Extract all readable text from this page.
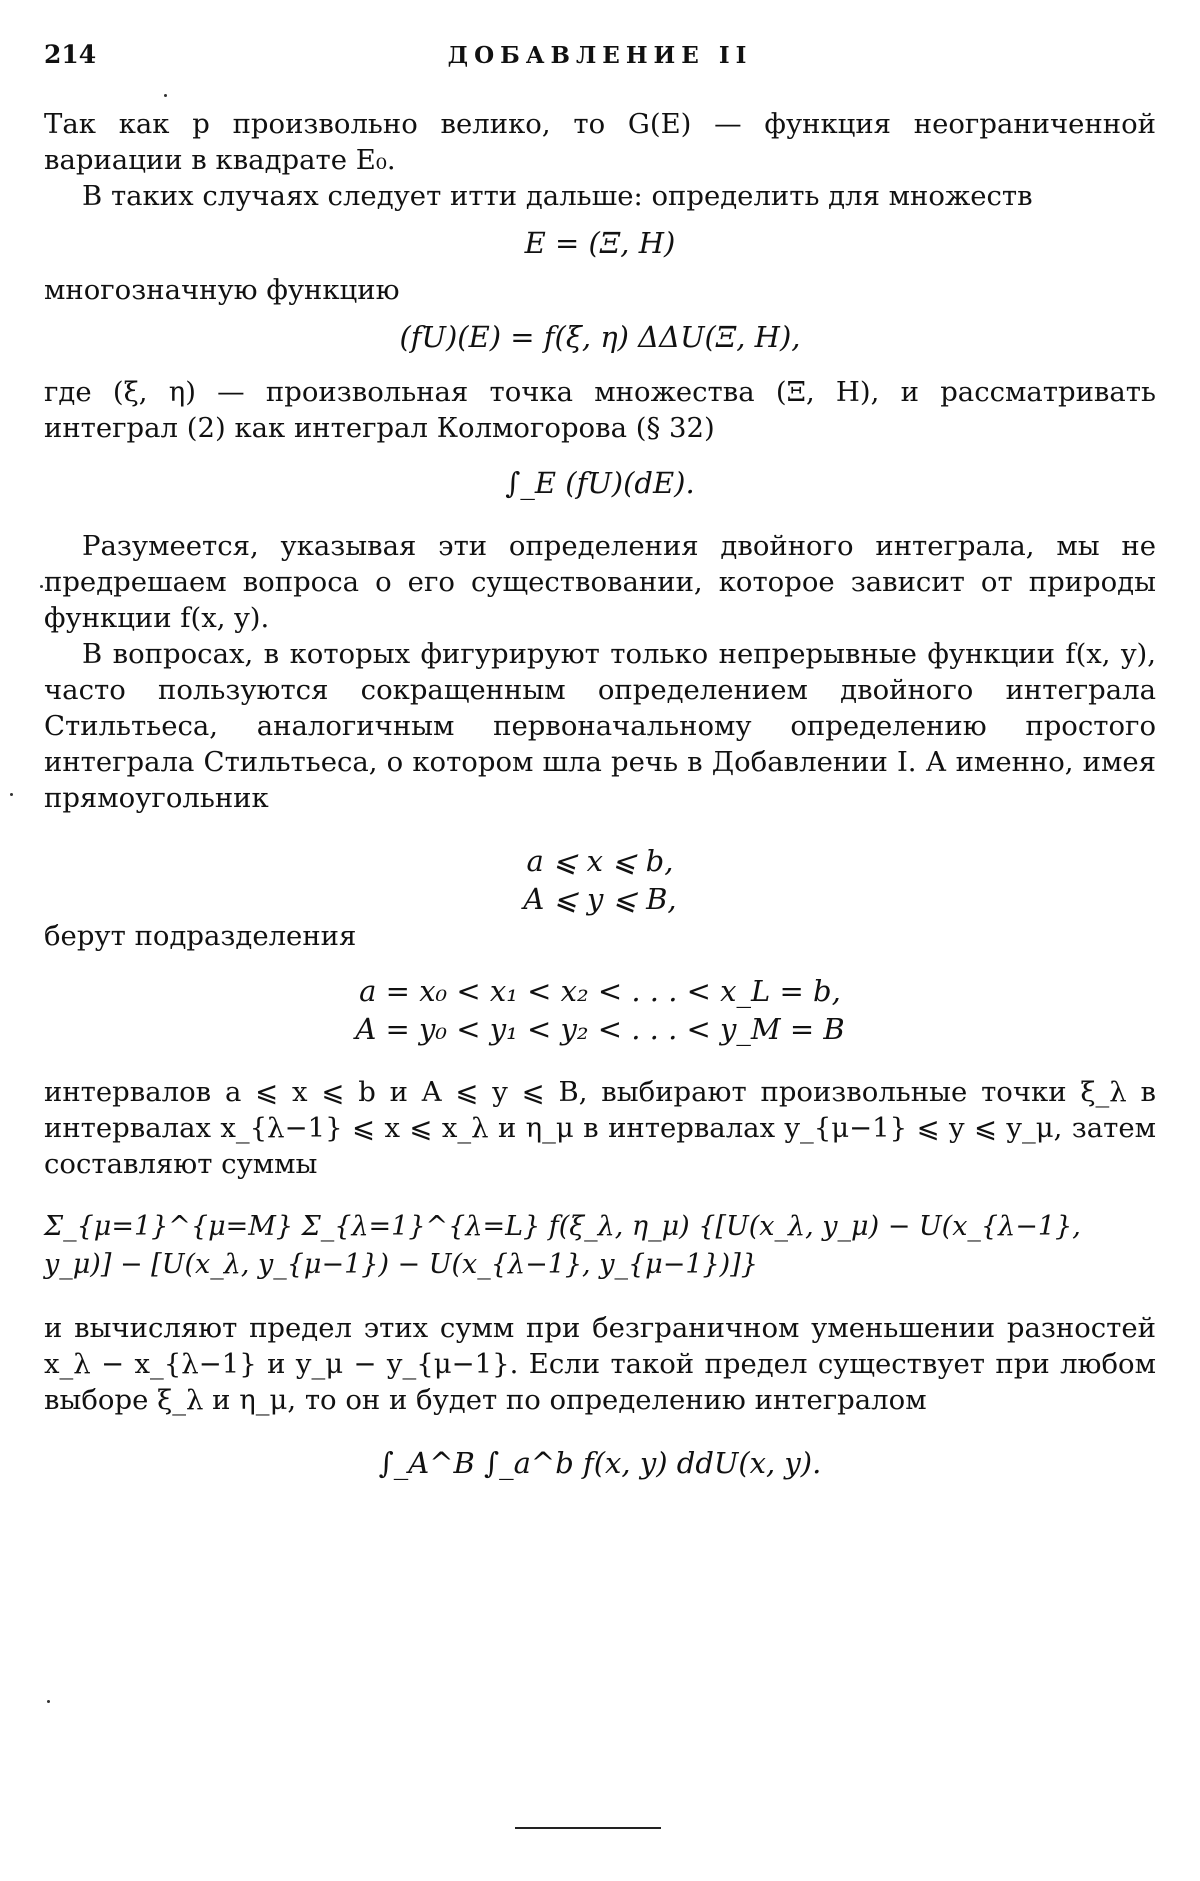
214	ДОБАВЛЕНИЕ II

Так как p произвольно велико, то G(E) — функция неограниченной вариации в квадрате E₀.

В таких случаях следует итти дальше: определить для множеств

E = (Ξ, Η)

многозначную функцию

(fU)(E) = f(ξ, η) ΔΔU(Ξ, Η),

где (ξ, η) — произвольная точка множества (Ξ, Η), и рассматривать интеграл (2) как интеграл Колмогорова (§ 32)

∫_E (fU)(dE).

Разумеется, указывая эти определения двойного интеграла, мы не предрешаем вопроса о его существовании, которое зависит от природы функции f(x, y).

В вопросах, в которых фигурируют только непрерывные функции f(x, y), часто пользуются сокращенным определением двойного интеграла Стильтьеса, аналогичным первоначальному определению простого интеграла Стильтьеса, о котором шла речь в Добавлении I. А именно, имея прямоугольник

a ⩽ x ⩽ b,
A ⩽ y ⩽ B,

берут подразделения

a = x₀ < x₁ < x₂ < . . . < x_L = b,
A = y₀ < y₁ < y₂ < . . . < y_M = B

интервалов a ⩽ x ⩽ b и A ⩽ y ⩽ B, выбирают произвольные точки ξ_λ в интервалах x_{λ−1} ⩽ x ⩽ x_λ и η_μ в интервалах y_{μ−1} ⩽ y ⩽ y_μ, затем составляют суммы

Σ_{μ=1}^{μ=M} Σ_{λ=1}^{λ=L} f(ξ_λ, η_μ) {[U(x_λ, y_μ) − U(x_{λ−1}, y_μ)] − [U(x_λ, y_{μ−1}) − U(x_{λ−1}, y_{μ−1})]}

и вычисляют предел этих сумм при безграничном уменьшении разностей x_λ − x_{λ−1} и y_μ − y_{μ−1}. Если такой предел существует при любом выборе ξ_λ и η_μ, то он и будет по определению интегралом

∫_A^B ∫_a^b f(x, y) ddU(x, y).
